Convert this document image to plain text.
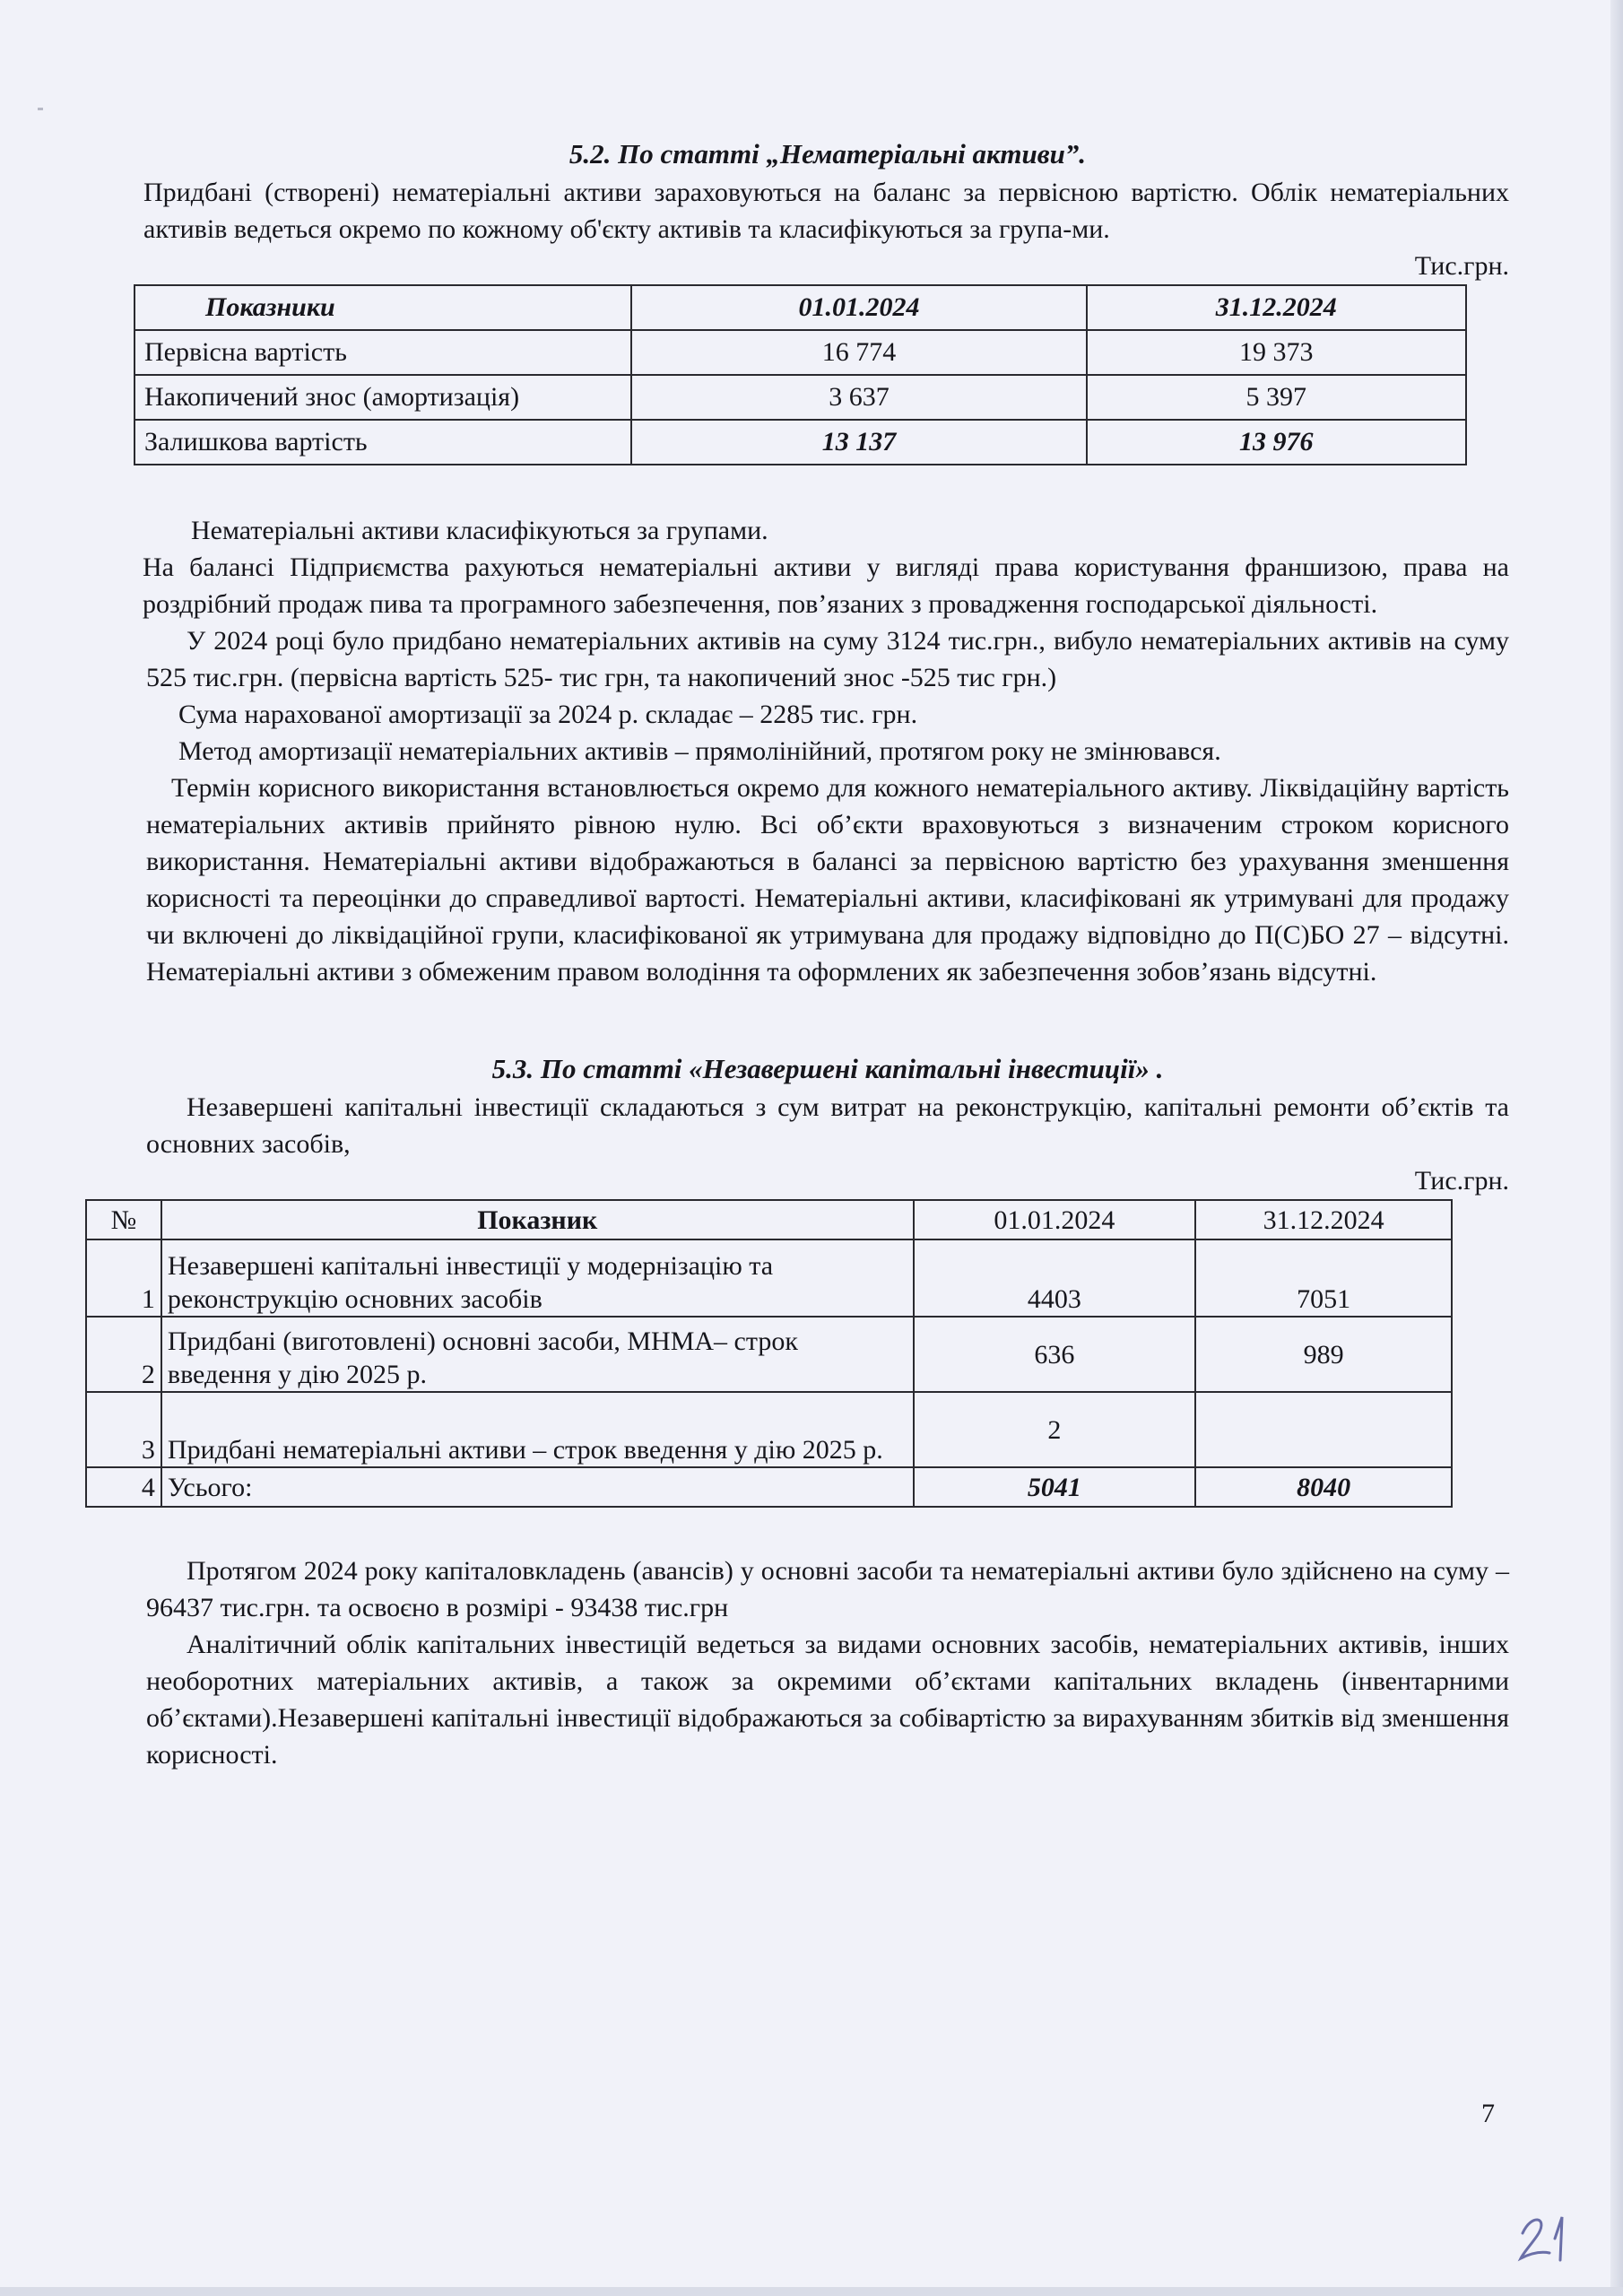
5.2. По статті „Нематеріальні активи”.

Придбані (створені) нематеріальні активи зараховуються на баланс за первісною вартістю. Облік нематеріальних активів ведеться окремо по кожному об'єкту активів та класифікуються за група-ми.

Тис.грн.

Показники	01.01.2024	31.12.2024
Первісна вартість	16 774	19 373
Накопичений знос (амортизація)	3 637	5 397
Залишкова вартість	13 137	13 976

Нематеріальні активи класифікуються за групами.

На балансі Підприємства рахуються нематеріальні активи у вигляді права користування франшизою, права на роздрібний продаж пива та програмного забезпечення, пов’язаних з провадження господарської діяльності.

У 2024 році було придбано нематеріальних активів на суму 3124 тис.грн., вибуло нематеріальних активів на суму 525 тис.грн. (первісна вартість 525- тис грн, та накопичений знос -525 тис грн.)

Сума нарахованої амортизації за 2024 р. складає – 2285 тис. грн.

Метод амортизації нематеріальних активів – прямолінійний, протягом року не змінювався.

Термін корисного використання встановлюється окремо для кожного нематеріального активу. Ліквідаційну вартість нематеріальних активів прийнято рівною нулю. Всі об’єкти враховуються з визначеним строком корисного використання. Нематеріальні активи відображаються в балансі за первісною вартістю без урахування зменшення корисності та переоцінки до справедливої вартості. Нематеріальні активи, класифіковані як утримувані для продажу чи включені до ліквідаційної групи, класифікованої як утримувана для продажу відповідно до П(С)БО 27 – відсутні. Нематеріальні активи з обмеженим правом володіння та оформлених як забезпечення зобов’язань відсутні.

5.3. По статті «Незавершені капітальні інвестиції» .

Незавершені капітальні інвестиції складаються з сум витрат на реконструкцію, капітальні ремонти об’єктів та основних засобів,

Тис.грн.

№	Показник	01.01.2024	31.12.2024
1	Незавершені капітальні інвестиції у модернізацію та реконструкцію основних засобів	4403	7051
2	Придбані (виготовлені) основні засоби, МНМА– строк введення у дію 2025 р.	636	989
3	Придбані нематеріальні активи – строк введення у дію 2025 р.	2	
4	Усього:	5041	8040

Протягом 2024 року капіталовкладень (авансів) у основні засоби та нематеріальні активи було здійснено на суму – 96437 тис.грн. та освоєно в розмірі - 93438 тис.грн

Аналітичний облік капітальних інвестицій ведеться за видами основних засобів, нематеріальних активів, інших необоротних матеріальних активів, а також за окремими об’єктами капітальних вкладень (інвентарними об’єктами).Незавершені капітальні інвестиції відображаються за собівартістю за вирахуванням збитків від зменшення корисності.

7
